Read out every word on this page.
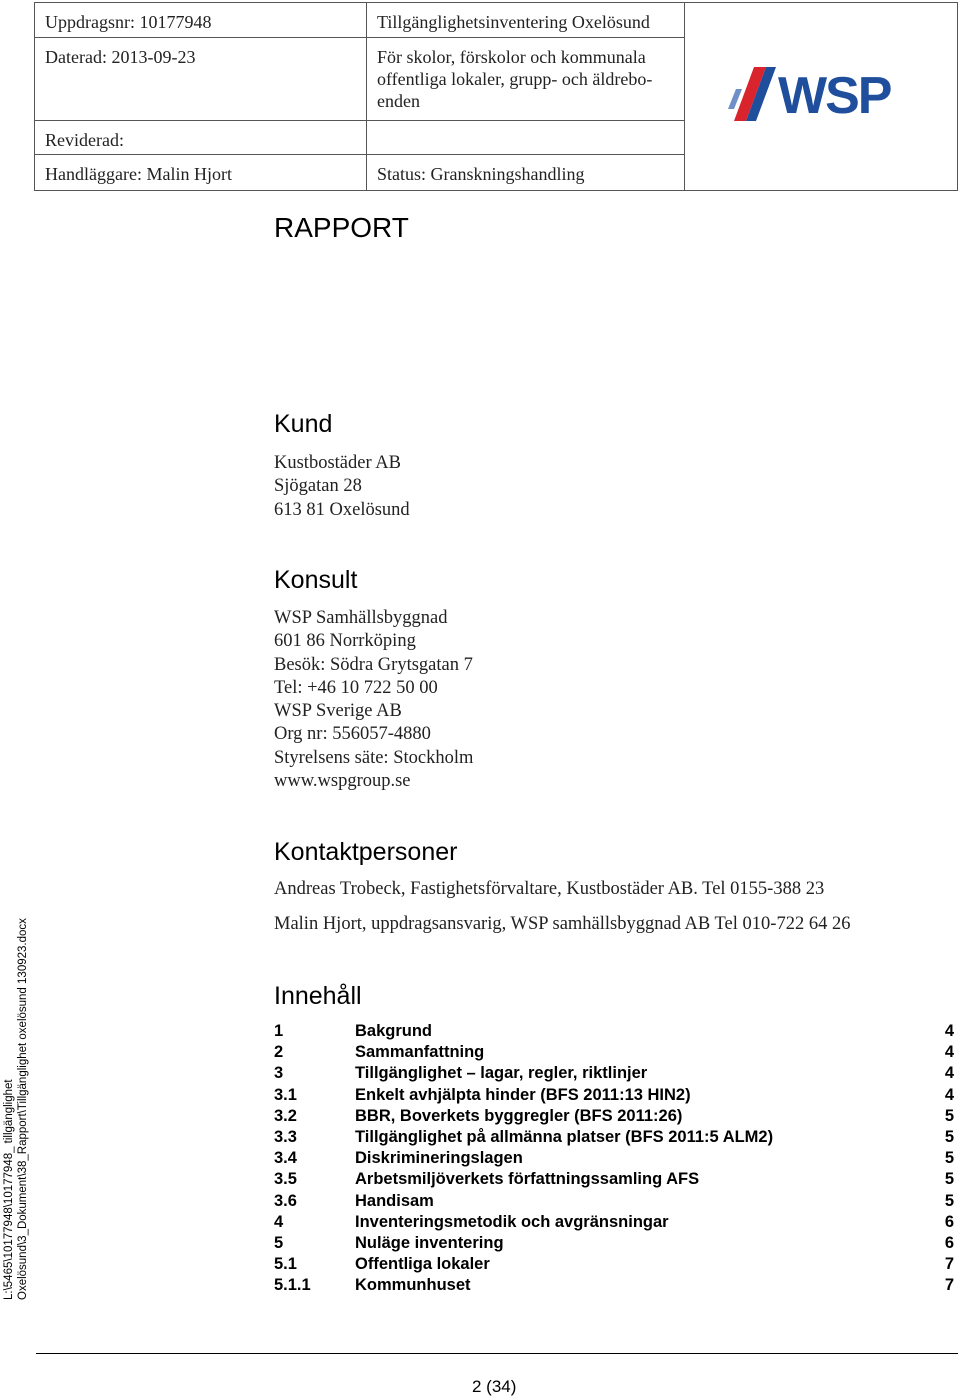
Uppdragsnr: 10177948	Tillgänglighetsinventering Oxelösund	WSP

Daterad: 2013-09-23	För skolor, förskolor och kommunala offentliga lokaler, grupp- och äldrebo-enden	
Reviderad:		
Handläggare: Malin Hjort	Status: Granskningshandling	
RAPPORT
Kund
Kustbostäder AB
Sjögatan 28
613 81 Oxelösund
Konsult
WSP Samhällsbyggnad
601 86 Norrköping
Besök: Södra Grytsgatan 7
Tel: +46 10 722 50 00
WSP Sverige AB
Org nr: 556057-4880
Styrelsens säte: Stockholm
www.wspgroup.se
Kontaktpersoner
Andreas Trobeck, Fastighetsförvaltare, Kustbostäder AB. Tel 0155-388 23
Malin Hjort, uppdragsansvarig, WSP samhällsbyggnad AB Tel 010-722 64 26
Innehåll
1	Bakgrund	4
2	Sammanfattning	4
3	Tillgänglighet – lagar, regler, riktlinjer	4
3.1	Enkelt avhjälpta hinder (BFS 2011:13 HIN2)	4
3.2	BBR, Boverkets byggregler (BFS 2011:26)	5
3.3	Tillgänglighet på allmänna platser (BFS 2011:5 ALM2)	5
3.4	Diskrimineringslagen	5
3.5	Arbetsmiljöverkets författningssamling AFS	5
3.6	Handisam	5
4	Inventeringsmetodik och avgränsningar	6
5	Nuläge inventering	6
5.1	Offentliga lokaler	7
5.1.1	Kommunhuset	7
L:\5465\10177948\10177948_ tillgänglighet Oxelösund\3_Dokument\38_Rapport\Tillgänglighet oxelösund 130923.docx
2 (34)
